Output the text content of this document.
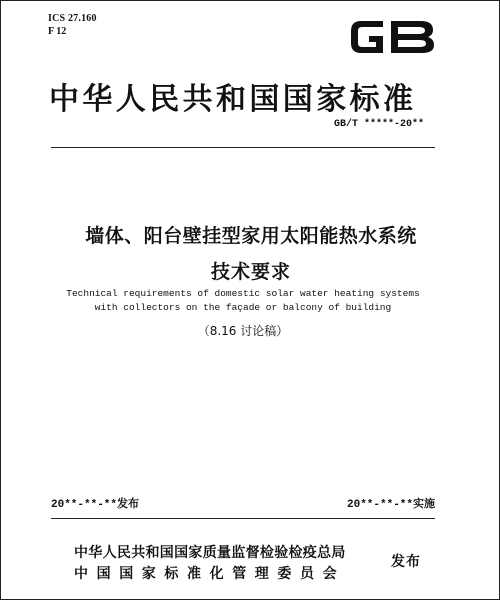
ICS 27.160
F 12
中华人民共和国国家标准
GB/T *****-20**
墙体、阳台壁挂型家用太阳能热水系统
技术要求
Technical requirements of domestic solar water heating systems
with collectors on the façade or balcony of building
（8.16 讨论稿）
20**-**-**发布	20**-**-**实施
中华人民共和国国家质量监督检验检疫总局
中国国家标准化管理委员会
发布
